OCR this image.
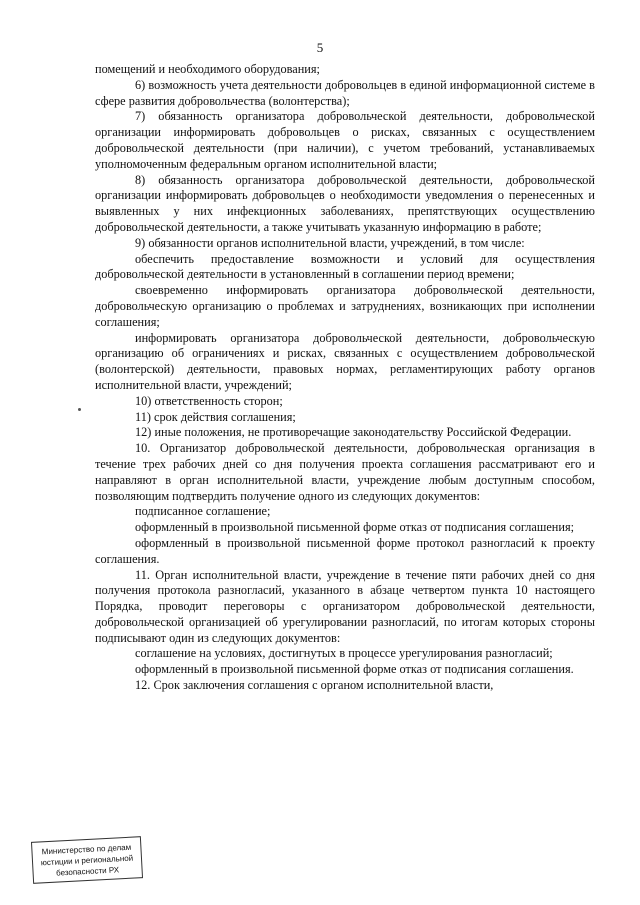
5

помещений и необходимого оборудования;

6) возможность учета деятельности добровольцев в единой информационной системе в сфере развития добровольчества (волонтерства);

7) обязанность организатора добровольческой деятельности, добровольческой организации информировать добровольцев о рисках, связанных с осуществлением добровольческой деятельности (при наличии), с учетом требований, устанавливаемых уполномоченным федеральным органом исполнительной власти;

8) обязанность организатора добровольческой деятельности, добровольческой организации информировать добровольцев о необходимости уведомления о перенесенных и выявленных у них инфекционных заболеваниях, препятствующих осуществлению добровольческой деятельности, а также учитывать указанную информацию в работе;

9) обязанности органов исполнительной власти, учреждений, в том числе:

обеспечить предоставление возможности и условий для осуществления добровольческой деятельности в установленный в соглашении период времени;

своевременно информировать организатора добровольческой деятельности, добровольческую организацию о проблемах и затруднениях, возникающих при исполнении соглашения;

информировать организатора добровольческой деятельности, добровольческую организацию об ограничениях и рисках, связанных с осуществлением добровольческой (волонтерской) деятельности, правовых нормах, регламентирующих работу органов исполнительной власти, учреждений;

10) ответственность сторон;

11) срок действия соглашения;

12) иные положения, не противоречащие законодательству Российской Федерации.

10. Организатор добровольческой деятельности, добровольческая организация в течение трех рабочих дней со дня получения проекта соглашения рассматривают его и направляют в орган исполнительной власти, учреждение любым доступным способом, позволяющим подтвердить получение одного из следующих документов:

подписанное соглашение;

оформленный в произвольной письменной форме отказ от подписания соглашения;

оформленный в произвольной письменной форме протокол разногласий к проекту соглашения.

11. Орган исполнительной власти, учреждение в течение пяти рабочих дней со дня получения протокола разногласий, указанного в абзаце четвертом пункта 10 настоящего Порядка, проводит переговоры с организатором добровольческой деятельности, добровольческой организацией об урегулировании разногласий, по итогам которых стороны подписывают один из следующих документов:

соглашение на условиях, достигнутых в процессе урегулирования разногласий;

оформленный в произвольной письменной форме отказ от подписания соглашения.

12. Срок заключения соглашения с органом исполнительной власти,

Министерство по делам
юстиции и региональной
безопасности РХ
